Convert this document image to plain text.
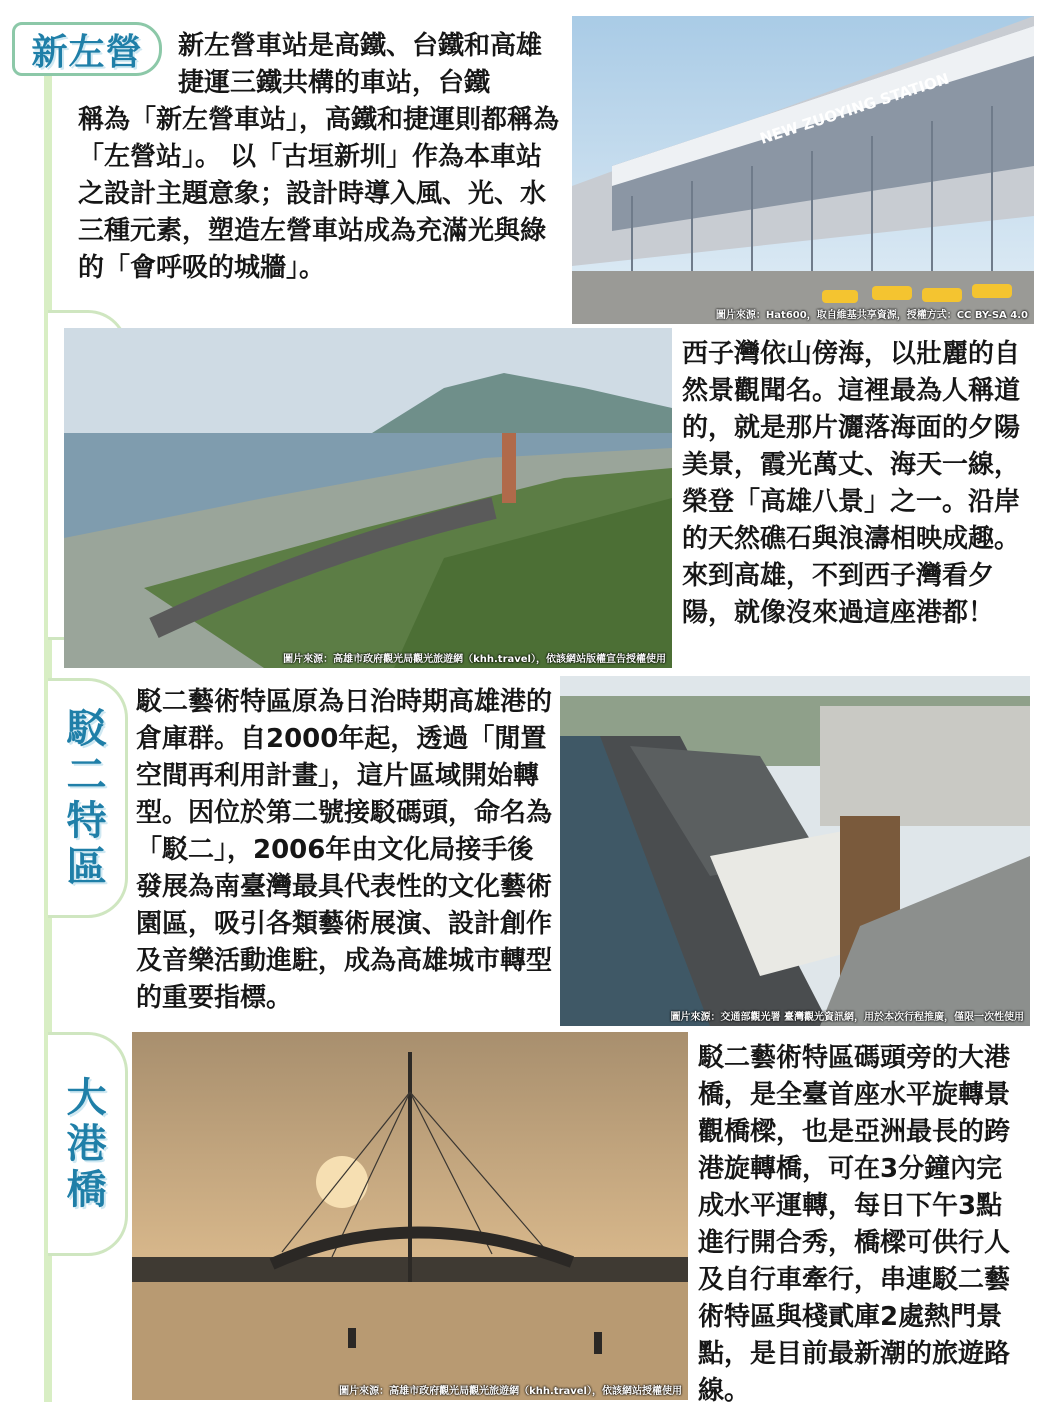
新左營	新左營車站是高鐵、台鐵和高雄捷運三鐵共構的車站，台鐵

稱為「新左營車站」，高鐵和捷運則都稱為「左營站」。 以「古垣新圳」作為本車站之設計主題意象；設計時導入風、光、水三種元素，塑造左營車站成為充滿光與綠的「會呼吸的城牆」。

NEW ZUOYING STATION
圖片來源：Hat600，取自維基共享資源，授權方式：CC BY-SA 4.0
圖片來源：高雄市政府觀光局觀光旅遊網（khh.travel），依該網站版權宣告授權使用

西子灣依山傍海，以壯麗的自然景觀聞名。這裡最為人稱道的，就是那片灑落海面的夕陽美景，霞光萬丈、海天一線，榮登「高雄八景」之一。沿岸的天然礁石與浪濤相映成趣。來到高雄，不到西子灣看夕陽，就像沒來過這座港都！

駁
二
特
區

駁二藝術特區原為日治時期高雄港的倉庫群。自2000年起，透過「閒置空間再利用計畫」，這片區域開始轉型。因位於第二號接駁碼頭，命名為「駁二」，2006年由文化局接手後發展為南臺灣最具代表性的文化藝術園區，吸引各類藝術展演、設計創作及音樂活動進駐，成為高雄城市轉型的重要指標。

圖片來源：交通部觀光署 臺灣觀光資訊網，用於本次行程推廣，僅限一次性使用
大
港
橋
圖片來源：高雄市政府觀光局觀光旅遊網（khh.travel），依該網站授權使用

駁二藝術特區碼頭旁的大港橋，是全臺首座水平旋轉景觀橋樑，也是亞洲最長的跨港旋轉橋，可在3分鐘內完成水平運轉，每日下午3點進行開合秀，橋樑可供行人及自行車牽行，串連駁二藝術特區與棧貳庫2處熱門景點，是目前最新潮的旅遊路線。
